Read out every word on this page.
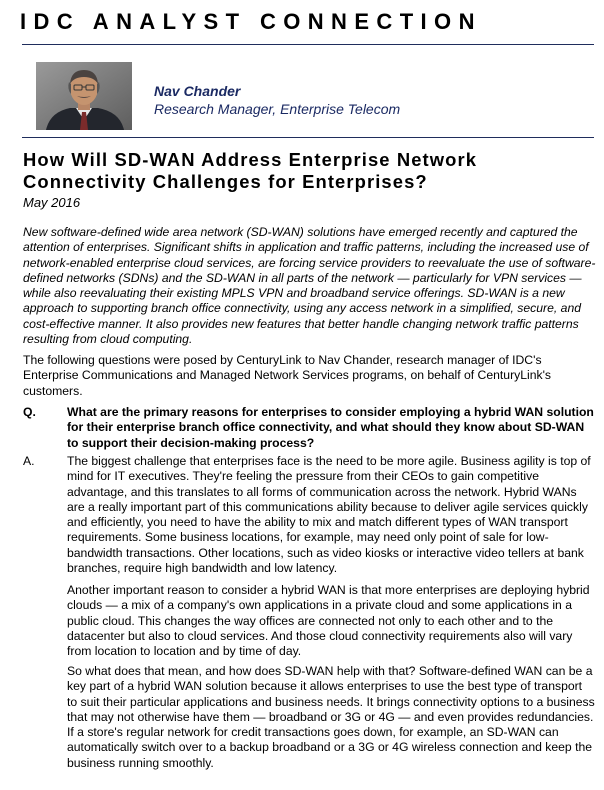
IDC ANALYST CONNECTION
Nav Chander
Research Manager, Enterprise Telecom
How Will SD-WAN Address Enterprise Network Connectivity Challenges for Enterprises?
May 2016
New software-defined wide area network (SD-WAN) solutions have emerged recently and captured the attention of enterprises. Significant shifts in application and traffic patterns, including the increased use of network-enabled enterprise cloud services, are forcing service providers to reevaluate the use of software-defined networks (SDNs) and the SD-WAN in all parts of the network — particularly for VPN services — while also reevaluating their existing MPLS VPN and broadband service offerings. SD-WAN is a new approach to supporting branch office connectivity, using any access network in a simplified, secure, and cost-effective manner. It also provides new features that better handle changing network traffic patterns resulting from cloud computing.
The following questions were posed by CenturyLink to Nav Chander, research manager of IDC's Enterprise Communications and Managed Network Services programs, on behalf of CenturyLink's customers.
Q.	What are the primary reasons for enterprises to consider employing a hybrid WAN solution for their enterprise branch office connectivity, and what should they know about SD-WAN to support their decision-making process?
A.	The biggest challenge that enterprises face is the need to be more agile. Business agility is top of mind for IT executives. They're feeling the pressure from their CEOs to gain competitive advantage, and this translates to all forms of communication across the network. Hybrid WANs are a really important part of this communications ability because to deliver agile services quickly and efficiently, you need to have the ability to mix and match different types of WAN transport requirements. Some business locations, for example, may need only point of sale for low-bandwidth transactions. Other locations, such as video kiosks or interactive video tellers at bank branches, require high bandwidth and low latency.
Another important reason to consider a hybrid WAN is that more enterprises are deploying hybrid clouds — a mix of a company's own applications in a private cloud and some applications in a public cloud. This changes the way offices are connected not only to each other and to the datacenter but also to cloud services. And those cloud connectivity requirements also will vary from location to location and by time of day.
So what does that mean, and how does SD-WAN help with that? Software-defined WAN can be a key part of a hybrid WAN solution because it allows enterprises to use the best type of transport to suit their particular applications and business needs. It brings connectivity options to a business that may not otherwise have them — broadband or 3G or 4G — and even provides redundancies. If a store's regular network for credit transactions goes down, for example, an SD-WAN can automatically switch over to a backup broadband or a 3G or 4G wireless connection and keep the business running smoothly.
